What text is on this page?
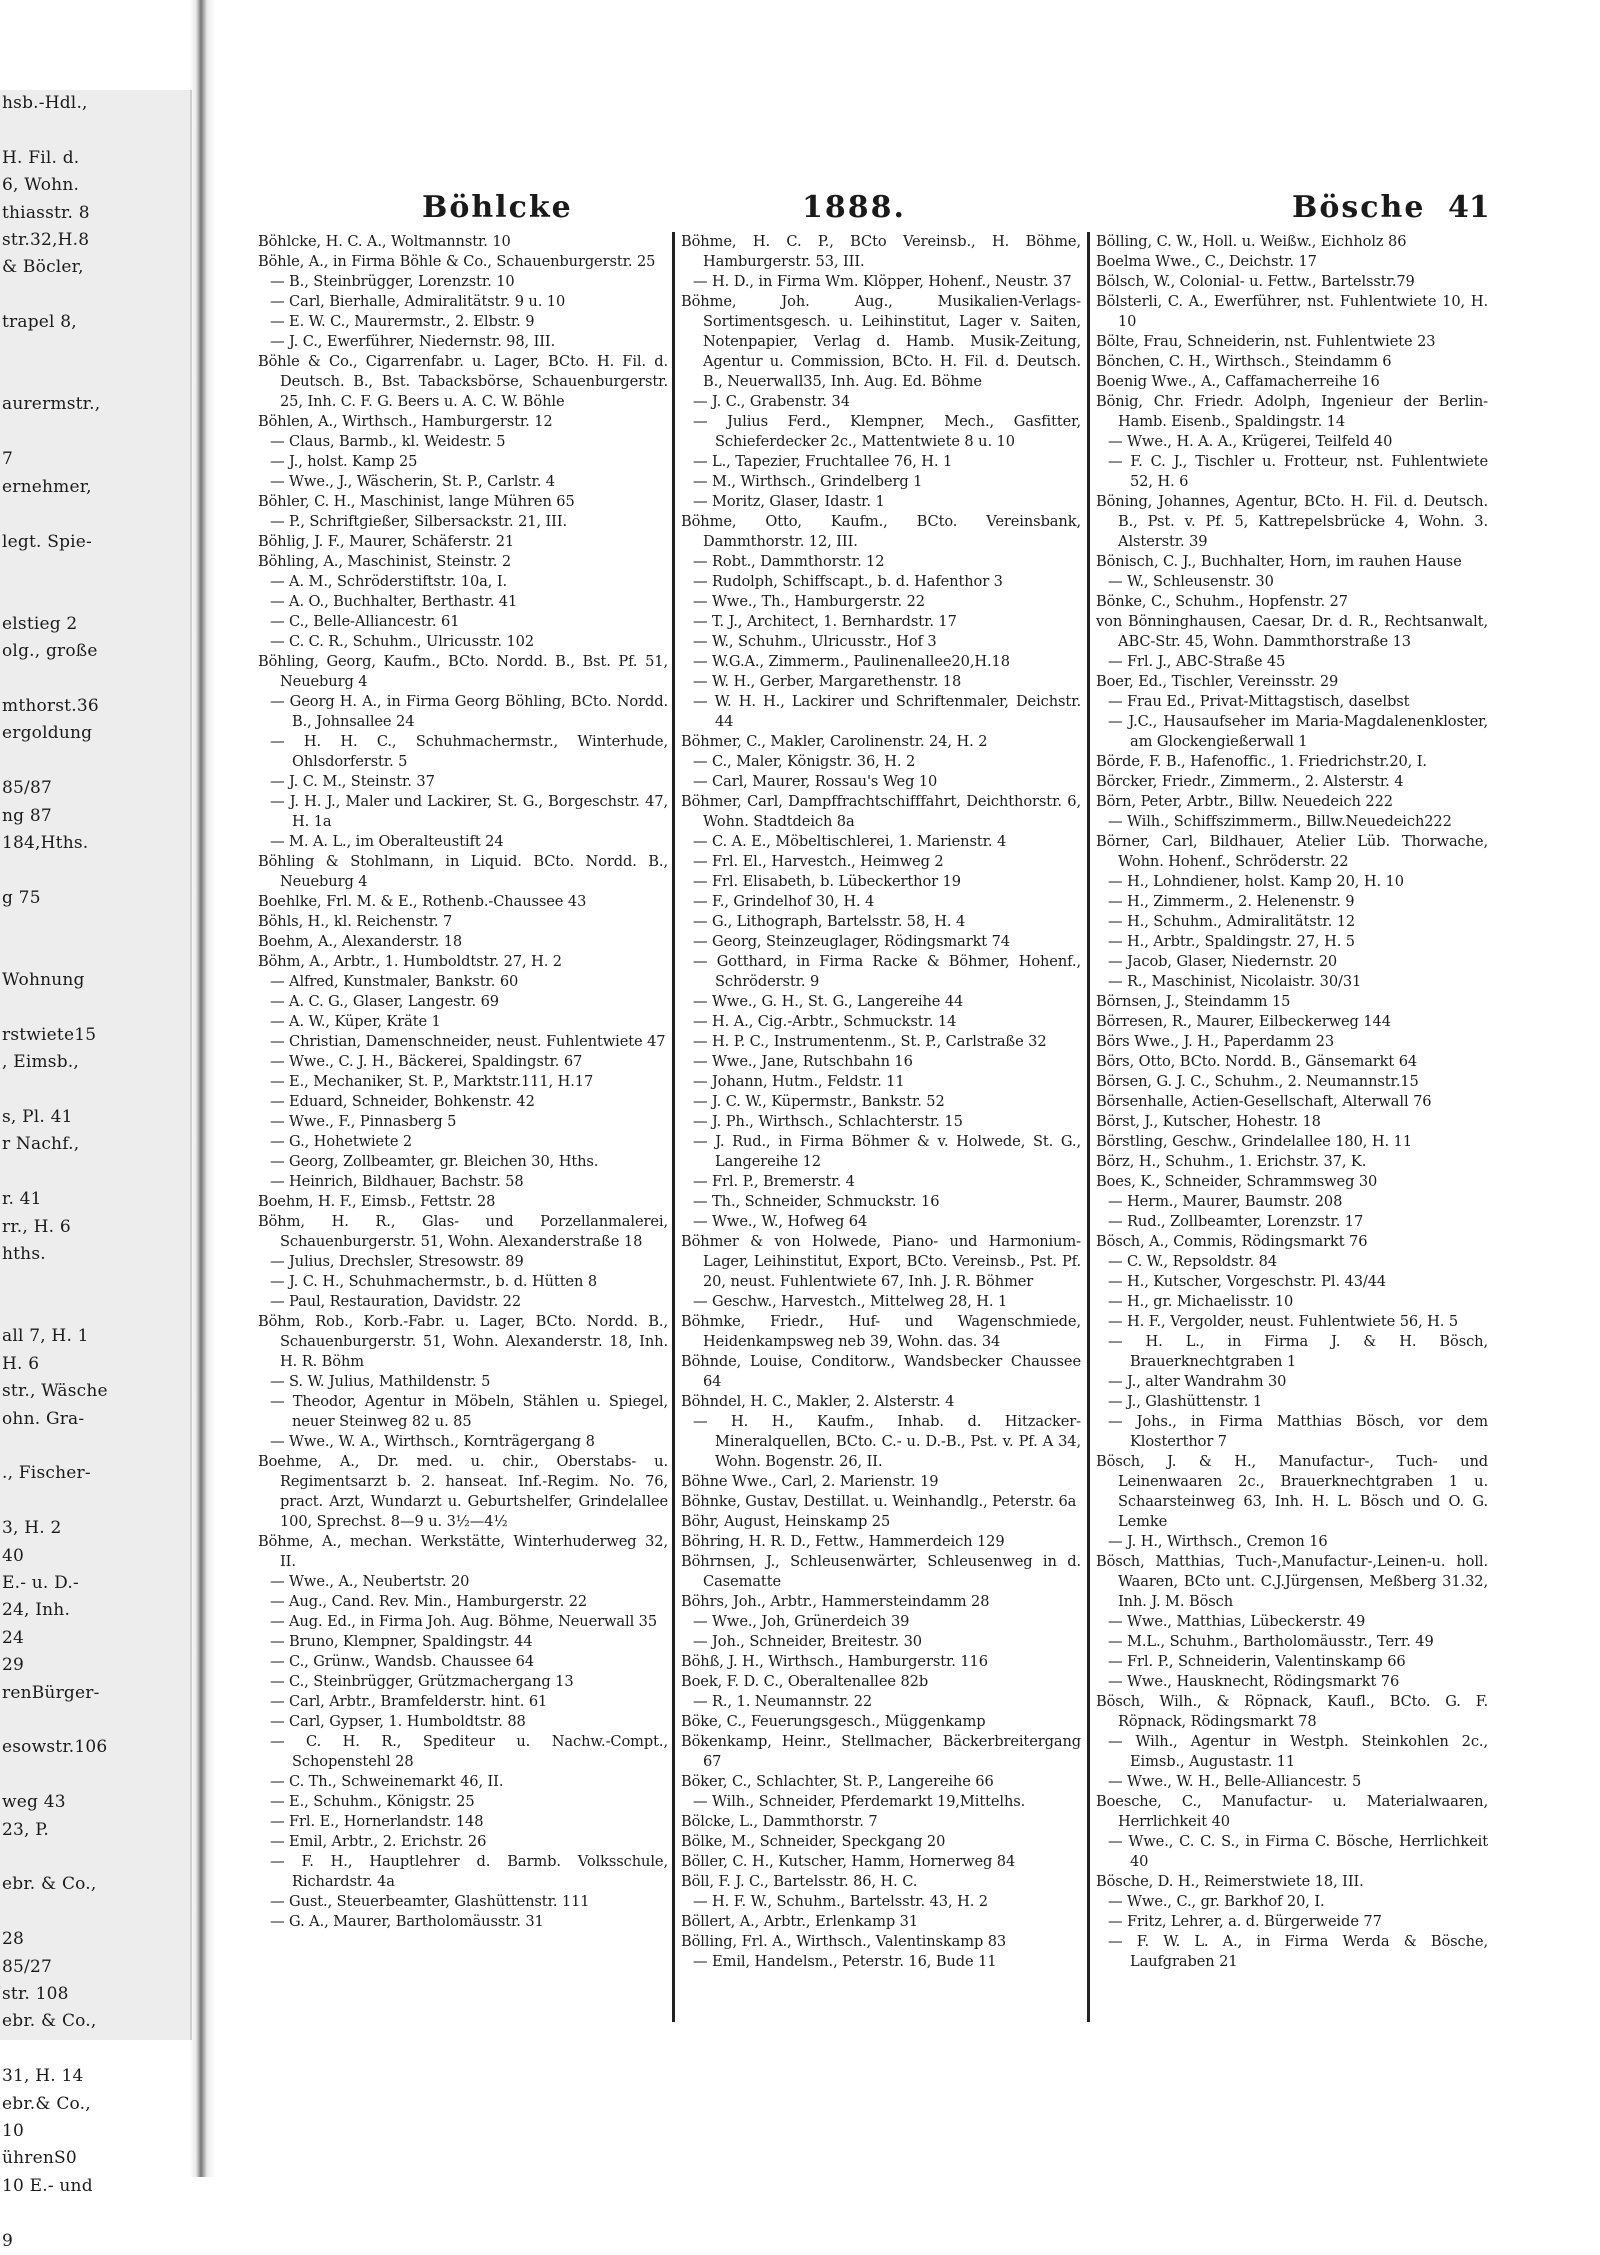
hsb.-Hdl.,

H. Fil. d.
6, Wohn.
thiasstr. 8
str.32,H.8
& Böcler,

trapel 8,

aurermstr.,

7
ernehmer,

legt. Spie-

elstieg 2
olg., große

mthorst.36
ergoldung

85/87
ng 87
184,Hths.

g 75

Wohnung

rstwiete15
, Eimsb.,

s, Pl. 41
r Nachf.,

r. 41
rr., H. 6
hths.

all 7, H. 1
H. 6
str., Wäsche
ohn. Gra-

., Fischer-

3, H. 2
40
E.- u. D.-
24, Inh.
24
29
renBürger-

esowstr.106

weg 43
23, P.

ebr. & Co.,

28
85/27
str. 108
ebr. & Co.,

31, H. 14
ebr.& Co.,
10
ührenS0
10 E.- und

9
Böhlcke	1888.	Bösche 41

Böhlcke, H. C. A., Woltmannstr. 10

Böhle, A., in Firma Böhle & Co., Schauenburgerstr. 25

— B., Steinbrügger, Lorenzstr. 10

— Carl, Bierhalle, Admiralitätstr. 9 u. 10

— E. W. C., Maurermstr., 2. Elbstr. 9

— J. C., Ewerführer, Niedernstr. 98, III.

Böhle & Co., Cigarrenfabr. u. Lager, BCto. H. Fil. d. Deutsch. B., Bst. Tabacksbörse, Schauenburgerstr. 25, Inh. C. F. G. Beers u. A. C. W. Böhle

Böhlen, A., Wirthsch., Hamburgerstr. 12

— Claus, Barmb., kl. Weidestr. 5

— J., holst. Kamp 25

— Wwe., J., Wäscherin, St. P., Carlstr. 4

Böhler, C. H., Maschinist, lange Mühren 65

— P., Schriftgießer, Silbersackstr. 21, III.

Böhlig, J. F., Maurer, Schäferstr. 21

Böhling, A., Maschinist, Steinstr. 2

— A. M., Schröderstiftstr. 10a, I.

— A. O., Buchhalter, Berthastr. 41

— C., Belle-Alliancestr. 61

— C. C. R., Schuhm., Ulricusstr. 102

Böhling, Georg, Kaufm., BCto. Nordd. B., Bst. Pf. 51, Neueburg 4

— Georg H. A., in Firma Georg Böhling, BCto. Nordd. B., Johnsallee 24

— H. H. C., Schuhmachermstr., Winterhude, Ohlsdorferstr. 5

— J. C. M., Steinstr. 37

— J. H. J., Maler und Lackirer, St. G., Borgeschstr. 47, H. 1a

— M. A. L., im Oberalteustift 24

Böhling & Stohlmann, in Liquid. BCto. Nordd. B., Neueburg 4

Boehlke, Frl. M. & E., Rothenb.-Chaussee 43

Böhls, H., kl. Reichenstr. 7

Boehm, A., Alexanderstr. 18

Böhm, A., Arbtr., 1. Humboldtstr. 27, H. 2

— Alfred, Kunstmaler, Bankstr. 60

— A. C. G., Glaser, Langestr. 69

— A. W., Küper, Kräte 1

— Christian, Damenschneider, neust. Fuhlentwiete 47

— Wwe., C. J. H., Bäckerei, Spaldingstr. 67

— E., Mechaniker, St. P., Marktstr.111, H.17

— Eduard, Schneider, Bohkenstr. 42

— Wwe., F., Pinnasberg 5

— G., Hohetwiete 2

— Georg, Zollbeamter, gr. Bleichen 30, Hths.

— Heinrich, Bildhauer, Bachstr. 58

Boehm, H. F., Eimsb., Fettstr. 28

Böhm, H. R., Glas- und Porzellanmalerei, Schauenburgerstr. 51, Wohn. Alexanderstraße 18

— Julius, Drechsler, Stresowstr. 89

— J. C. H., Schuhmachermstr., b. d. Hütten 8

— Paul, Restauration, Davidstr. 22

Böhm, Rob., Korb.-Fabr. u. Lager, BCto. Nordd. B., Schauenburgerstr. 51, Wohn. Alexanderstr. 18, Inh. H. R. Böhm

— S. W. Julius, Mathildenstr. 5

— Theodor, Agentur in Möbeln, Stählen u. Spiegel, neuer Steinweg 82 u. 85

— Wwe., W. A., Wirthsch., Kornträgergang 8

Boehme, A., Dr. med. u. chir., Oberstabs- u. Regimentsarzt b. 2. hanseat. Inf.-Regim. No. 76, pract. Arzt, Wundarzt u. Geburtshelfer, Grindelallee 100, Sprechst. 8—9 u. 3½—4½

Böhme, A., mechan. Werkstätte, Winterhuderweg 32, II.

— Wwe., A., Neubertstr. 20

— Aug., Cand. Rev. Min., Hamburgerstr. 22

— Aug. Ed., in Firma Joh. Aug. Böhme, Neuerwall 35

— Bruno, Klempner, Spaldingstr. 44

— C., Grünw., Wandsb. Chaussee 64

— C., Steinbrügger, Grützmachergang 13

— Carl, Arbtr., Bramfelderstr. hint. 61

— Carl, Gypser, 1. Humboldtstr. 88

— C. H. R., Spediteur u. Nachw.-Compt., Schopenstehl 28

— C. Th., Schweinemarkt 46, II.

— E., Schuhm., Königstr. 25

— Frl. E., Hornerlandstr. 148

— Emil, Arbtr., 2. Erichstr. 26

— F. H., Hauptlehrer d. Barmb. Volksschule, Richardstr. 4a

— Gust., Steuerbeamter, Glashüttenstr. 111

— G. A., Maurer, Bartholomäusstr. 31

Böhme, H. C. P., BCto Vereinsb., H. Böhme, Hamburgerstr. 53, III.

— H. D., in Firma Wm. Klöpper, Hohenf., Neustr. 37

Böhme, Joh. Aug., Musikalien-Verlags-Sortimentsgesch. u. Leihinstitut, Lager v. Saiten, Notenpapier, Verlag d. Hamb. Musik-Zeitung, Agentur u. Commission, BCto. H. Fil. d. Deutsch. B., Neuerwall35, Inh. Aug. Ed. Böhme

— J. C., Grabenstr. 34

— Julius Ferd., Klempner, Mech., Gasfitter, Schieferdecker 2c., Mattentwiete 8 u. 10

— L., Tapezier, Fruchtallee 76, H. 1

— M., Wirthsch., Grindelberg 1

— Moritz, Glaser, Idastr. 1

Böhme, Otto, Kaufm., BCto. Vereinsbank, Dammthorstr. 12, III.

— Robt., Dammthorstr. 12

— Rudolph, Schiffscapt., b. d. Hafenthor 3

— Wwe., Th., Hamburgerstr. 22

— T. J., Architect, 1. Bernhardstr. 17

— W., Schuhm., Ulricusstr., Hof 3

— W.G.A., Zimmerm., Paulinenallee20,H.18

— W. H., Gerber, Margarethenstr. 18

— W. H. H., Lackirer und Schriftenmaler, Deichstr. 44

Böhmer, C., Makler, Carolinenstr. 24, H. 2

— C., Maler, Königstr. 36, H. 2

— Carl, Maurer, Rossau's Weg 10

Böhmer, Carl, Dampffrachtschifffahrt, Deichthorstr. 6, Wohn. Stadtdeich 8a

— C. A. E., Möbeltischlerei, 1. Marienstr. 4

— Frl. El., Harvestch., Heimweg 2

— Frl. Elisabeth, b. Lübeckerthor 19

— F., Grindelhof 30, H. 4

— G., Lithograph, Bartelsstr. 58, H. 4

— Georg, Steinzeuglager, Rödingsmarkt 74

— Gotthard, in Firma Racke & Böhmer, Hohenf., Schröderstr. 9

— Wwe., G. H., St. G., Langereihe 44

— H. A., Cig.-Arbtr., Schmuckstr. 14

— H. P. C., Instrumentenm., St. P., Carlstraße 32

— Wwe., Jane, Rutschbahn 16

— Johann, Hutm., Feldstr. 11

— J. C. W., Küpermstr., Bankstr. 52

— J. Ph., Wirthsch., Schlachterstr. 15

— J. Rud., in Firma Böhmer & v. Holwede, St. G., Langereihe 12

— Frl. P., Bremerstr. 4

— Th., Schneider, Schmuckstr. 16

— Wwe., W., Hofweg 64

Böhmer & von Holwede, Piano- und Harmonium-Lager, Leihinstitut, Export, BCto. Vereinsb., Pst. Pf. 20, neust. Fuhlentwiete 67, Inh. J. R. Böhmer

— Geschw., Harvestch., Mittelweg 28, H. 1

Böhmke, Friedr., Huf- und Wagenschmiede, Heidenkampsweg neb 39, Wohn. das. 34

Böhnde, Louise, Conditorw., Wandsbecker Chaussee 64

Böhndel, H. C., Makler, 2. Alsterstr. 4

— H. H., Kaufm., Inhab. d. Hitzacker-Mineralquellen, BCto. C.- u. D.-B., Pst. v. Pf. A 34, Wohn. Bogenstr. 26, II.

Böhne Wwe., Carl, 2. Marienstr. 19

Böhnke, Gustav, Destillat. u. Weinhandlg., Peterstr. 6a

Böhr, August, Heinskamp 25

Böhring, H. R. D., Fettw., Hammerdeich 129

Böhrnsen, J., Schleusenwärter, Schleusenweg in d. Casematte

Böhrs, Joh., Arbtr., Hammersteindamm 28

— Wwe., Joh, Grünerdeich 39

— Joh., Schneider, Breitestr. 30

Böhß, J. H., Wirthsch., Hamburgerstr. 116

Boek, F. D. C., Oberaltenallee 82b

— R., 1. Neumannstr. 22

Böke, C., Feuerungsgesch., Müggenkamp

Bökenkamp, Heinr., Stellmacher, Bäckerbreitergang 67

Böker, C., Schlachter, St. P., Langereihe 66

— Wilh., Schneider, Pferdemarkt 19,Mittelhs.

Bölcke, L., Dammthorstr. 7

Bölke, M., Schneider, Speckgang 20

Böller, C. H., Kutscher, Hamm, Hornerweg 84

Böll, F. J. C., Bartelsstr. 86, H. C.

— H. F. W., Schuhm., Bartelsstr. 43, H. 2

Böllert, A., Arbtr., Erlenkamp 31

Bölling, Frl. A., Wirthsch., Valentinskamp 83

— Emil, Handelsm., Peterstr. 16, Bude 11

Bölling, C. W., Holl. u. Weißw., Eichholz 86

Boelma Wwe., C., Deichstr. 17

Bölsch, W., Colonial- u. Fettw., Bartelsstr.79

Bölsterli, C. A., Ewerführer, nst. Fuhlentwiete 10, H. 10

Bölte, Frau, Schneiderin, nst. Fuhlentwiete 23

Bönchen, C. H., Wirthsch., Steindamm 6

Boenig Wwe., A., Caffamacherreihe 16

Bönig, Chr. Friedr. Adolph, Ingenieur der Berlin-Hamb. Eisenb., Spaldingstr. 14

— Wwe., H. A. A., Krügerei, Teilfeld 40

— F. C. J., Tischler u. Frotteur, nst. Fuhlentwiete 52, H. 6

Böning, Johannes, Agentur, BCto. H. Fil. d. Deutsch. B., Pst. v. Pf. 5, Kattrepelsbrücke 4, Wohn. 3. Alsterstr. 39

Bönisch, C. J., Buchhalter, Horn, im rauhen Hause

— W., Schleusenstr. 30

Bönke, C., Schuhm., Hopfenstr. 27

von Bönninghausen, Caesar, Dr. d. R., Rechtsanwalt, ABC-Str. 45, Wohn. Dammthorstraße 13

— Frl. J., ABC-Straße 45

Boer, Ed., Tischler, Vereinsstr. 29

— Frau Ed., Privat-Mittagstisch, daselbst

— J.C., Hausaufseher im Maria-Magdalenenkloster, am Glockengießerwall 1

Börde, F. B., Hafenoffic., 1. Friedrichstr.20, I.

Börcker, Friedr., Zimmerm., 2. Alsterstr. 4

Börn, Peter, Arbtr., Billw. Neuedeich 222

— Wilh., Schiffszimmerm., Billw.Neuedeich222

Börner, Carl, Bildhauer, Atelier Lüb. Thorwache, Wohn. Hohenf., Schröderstr. 22

— H., Lohndiener, holst. Kamp 20, H. 10

— H., Zimmerm., 2. Helenenstr. 9

— H., Schuhm., Admiralitätstr. 12

— H., Arbtr., Spaldingstr. 27, H. 5

— Jacob, Glaser, Niedernstr. 20

— R., Maschinist, Nicolaistr. 30/31

Börnsen, J., Steindamm 15

Börresen, R., Maurer, Eilbeckerweg 144

Börs Wwe., J. H., Paperdamm 23

Börs, Otto, BCto. Nordd. B., Gänsemarkt 64

Börsen, G. J. C., Schuhm., 2. Neumannstr.15

Börsenhalle, Actien-Gesellschaft, Alterwall 76

Börst, J., Kutscher, Hohestr. 18

Börstling, Geschw., Grindelallee 180, H. 11

Börz, H., Schuhm., 1. Erichstr. 37, K.

Boes, K., Schneider, Schrammsweg 30

— Herm., Maurer, Baumstr. 208

— Rud., Zollbeamter, Lorenzstr. 17

Bösch, A., Commis, Rödingsmarkt 76

— C. W., Repsoldstr. 84

— H., Kutscher, Vorgeschstr. Pl. 43/44

— H., gr. Michaelisstr. 10

— H. F., Vergolder, neust. Fuhlentwiete 56, H. 5

— H. L., in Firma J. & H. Bösch, Brauerknechtgraben 1

— J., alter Wandrahm 30

— J., Glashüttenstr. 1

— Johs., in Firma Matthias Bösch, vor dem Klosterthor 7

Bösch, J. & H., Manufactur-, Tuch- und Leinenwaaren 2c., Brauerknechtgraben 1 u. Schaarsteinweg 63, Inh. H. L. Bösch und O. G. Lemke

— J. H., Wirthsch., Cremon 16

Bösch, Matthias, Tuch-,Manufactur-,Leinen-u. holl. Waaren, BCto unt. C.J.Jürgensen, Meßberg 31.32, Inh. J. M. Bösch

— Wwe., Matthias, Lübeckerstr. 49

— M.L., Schuhm., Bartholomäusstr., Terr. 49

— Frl. P., Schneiderin, Valentinskamp 66

— Wwe., Hausknecht, Rödingsmarkt 76

Bösch, Wilh., & Röpnack, Kaufl., BCto. G. F. Röpnack, Rödingsmarkt 78

— Wilh., Agentur in Westph. Steinkohlen 2c., Eimsb., Augustastr. 11

— Wwe., W. H., Belle-Alliancestr. 5

Boesche, C., Manufactur- u. Materialwaaren, Herrlichkeit 40

— Wwe., C. C. S., in Firma C. Bösche, Herrlichkeit 40

Bösche, D. H., Reimerstwiete 18, III.

— Wwe., C., gr. Barkhof 20, I.

— Fritz, Lehrer, a. d. Bürgerweide 77

— F. W. L. A., in Firma Werda & Bösche, Laufgraben 21
